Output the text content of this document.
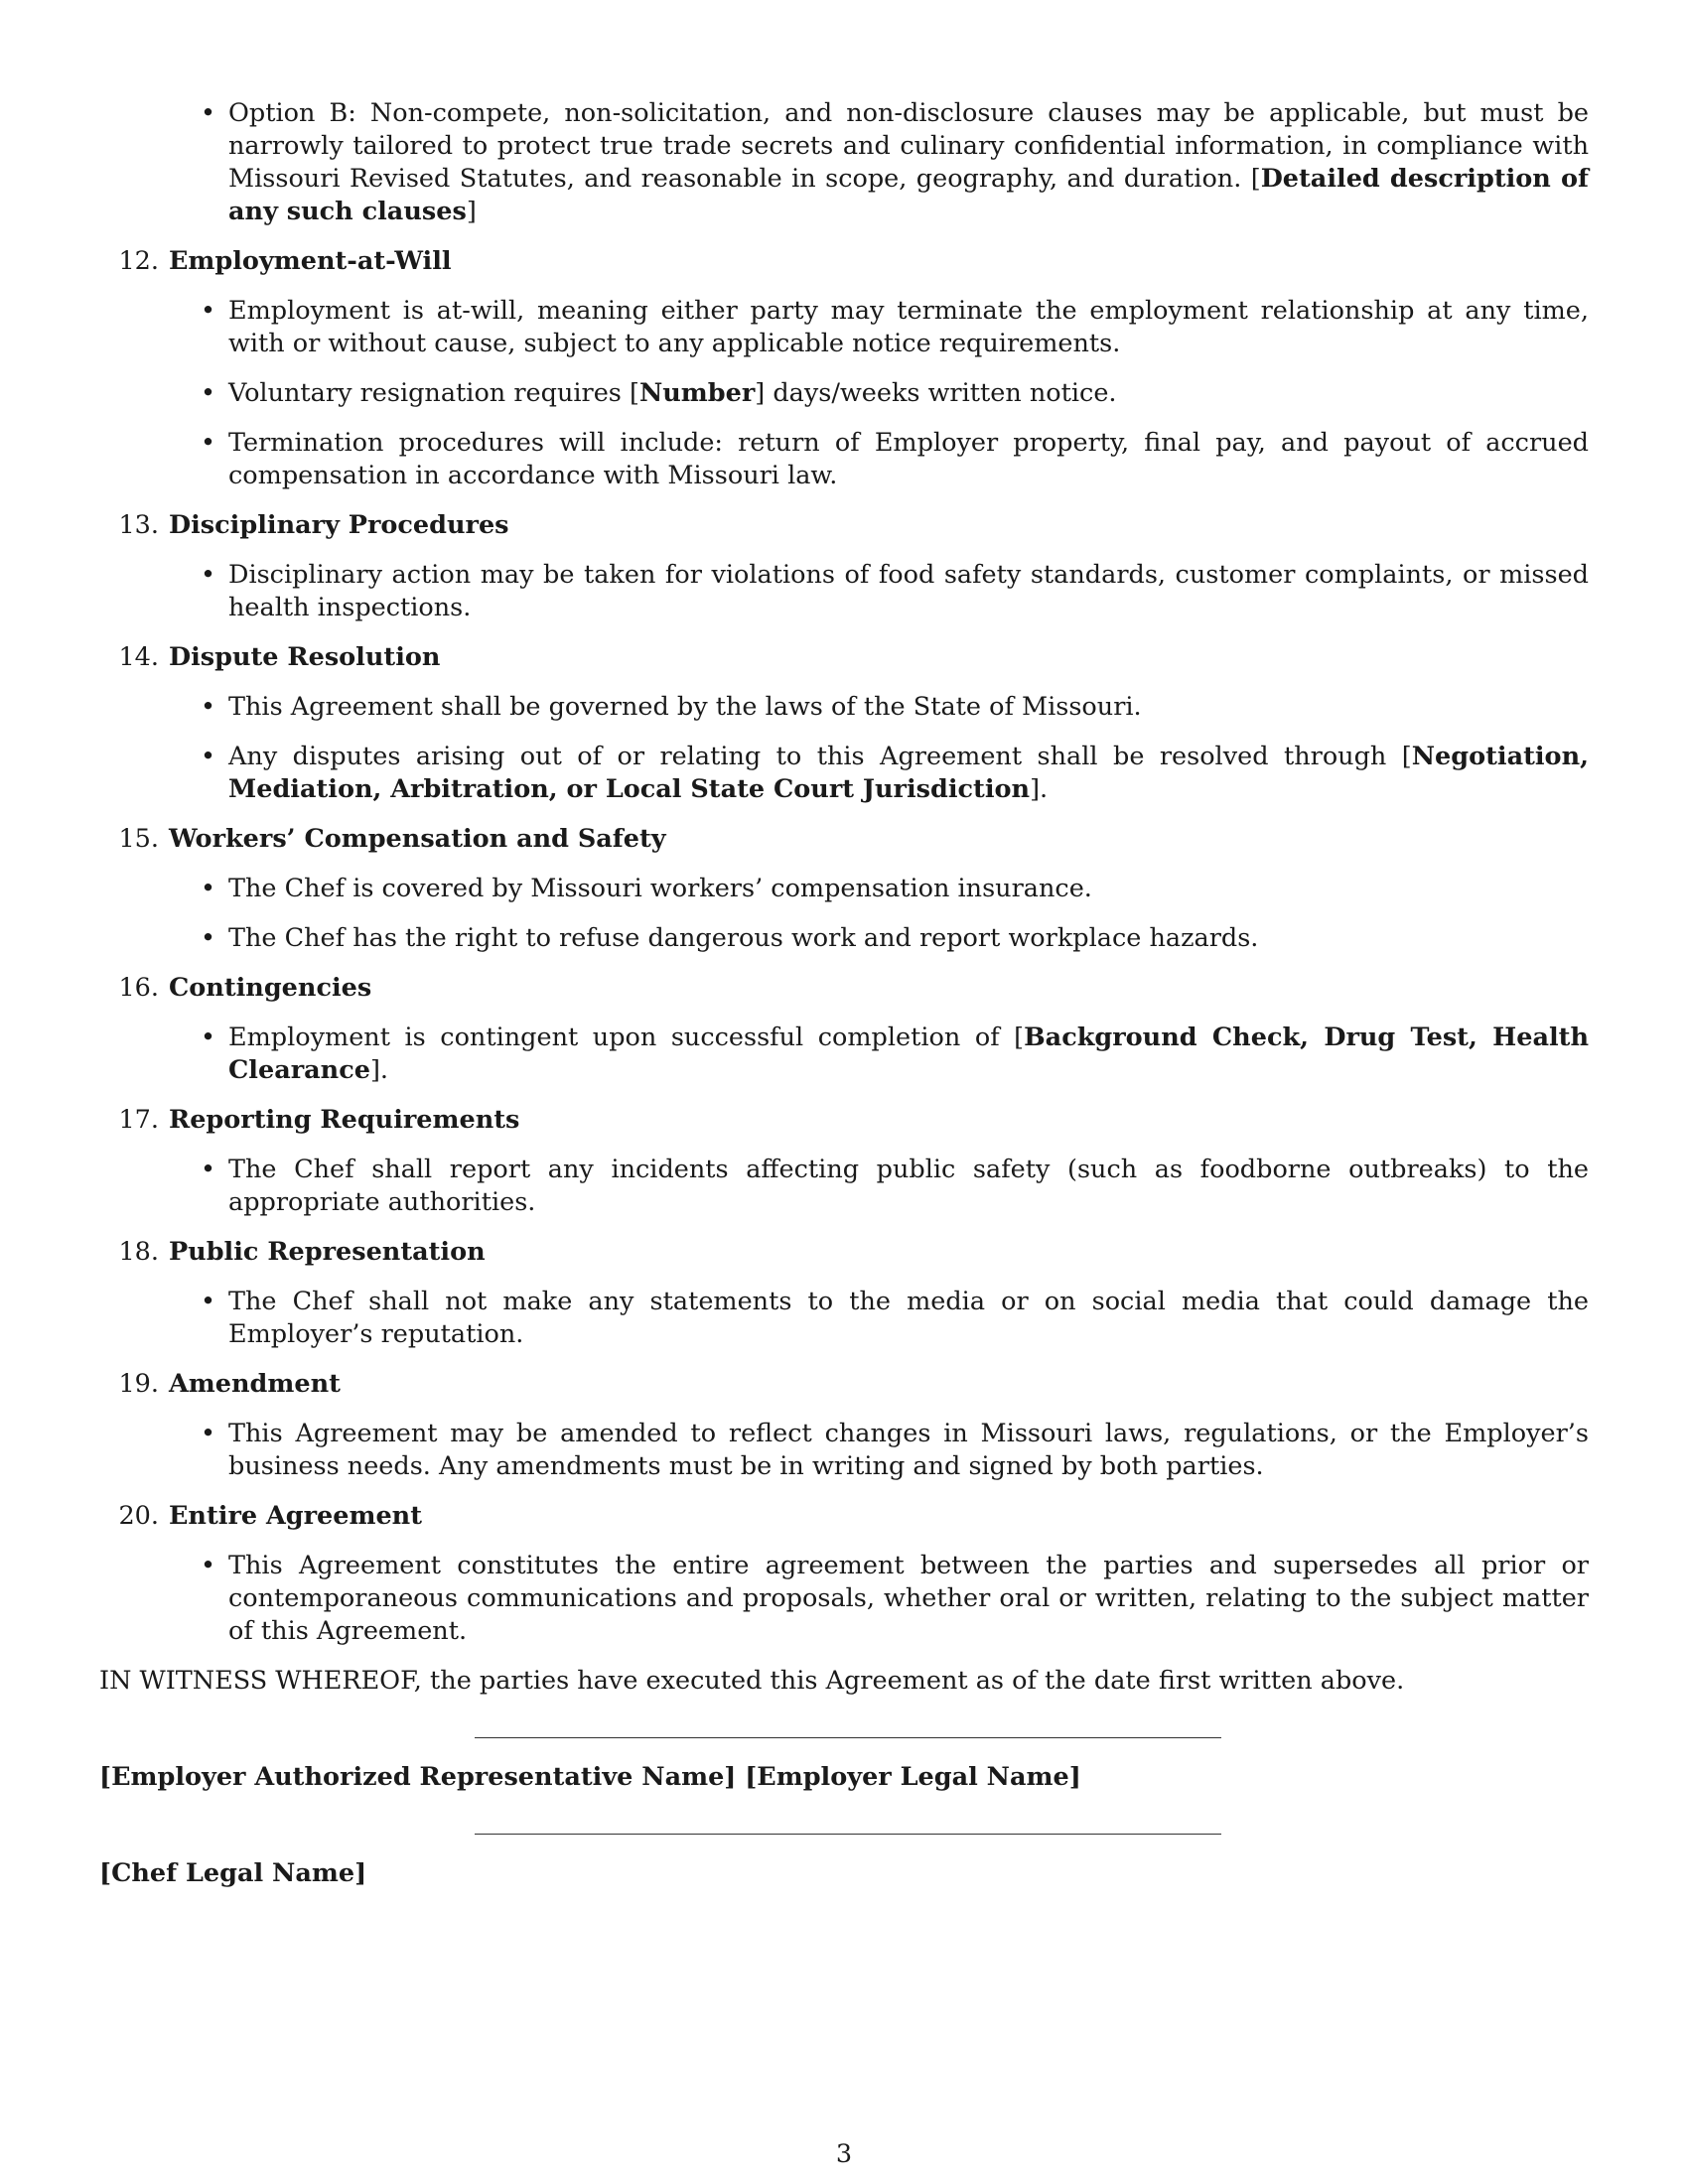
• Option B: Non-compete, non-solicitation, and non-disclosure clauses may be applicable, but must be narrowly tailored to protect true trade secrets and culinary confidential information, in compliance with Missouri Revised Statutes, and reasonable in scope, geography, and duration. [Detailed description of any such clauses]
12. Employment-at-Will
• Employment is at-will, meaning either party may terminate the employment relationship at any time, with or without cause, subject to any applicable notice requirements.
• Voluntary resignation requires [Number] days/weeks written notice.
• Termination procedures will include: return of Employer property, final pay, and payout of accrued compensation in accordance with Missouri law.
13. Disciplinary Procedures
• Disciplinary action may be taken for violations of food safety standards, customer complaints, or missed health inspections.
14. Dispute Resolution
• This Agreement shall be governed by the laws of the State of Missouri.
• Any disputes arising out of or relating to this Agreement shall be resolved through [Negotiation, Mediation, Arbitration, or Local State Court Jurisdiction].
15. Workers’ Compensation and Safety
• The Chef is covered by Missouri workers’ compensation insurance.
• The Chef has the right to refuse dangerous work and report workplace hazards.
16. Contingencies
• Employment is contingent upon successful completion of [Background Check, Drug Test, Health Clearance].
17. Reporting Requirements
• The Chef shall report any incidents affecting public safety (such as foodborne outbreaks) to the appropriate authorities.
18. Public Representation
• The Chef shall not make any statements to the media or on social media that could damage the Employer’s reputation.
19. Amendment
• This Agreement may be amended to reflect changes in Missouri laws, regulations, or the Employer’s business needs. Any amendments must be in writing and signed by both parties.
20. Entire Agreement
• This Agreement constitutes the entire agreement between the parties and supersedes all prior or contemporaneous communications and proposals, whether oral or written, relating to the subject matter of this Agreement.
IN WITNESS WHEREOF, the parties have executed this Agreement as of the date first written above.
[Employer Authorized Representative Name] [Employer Legal Name]
[Chef Legal Name]
3
